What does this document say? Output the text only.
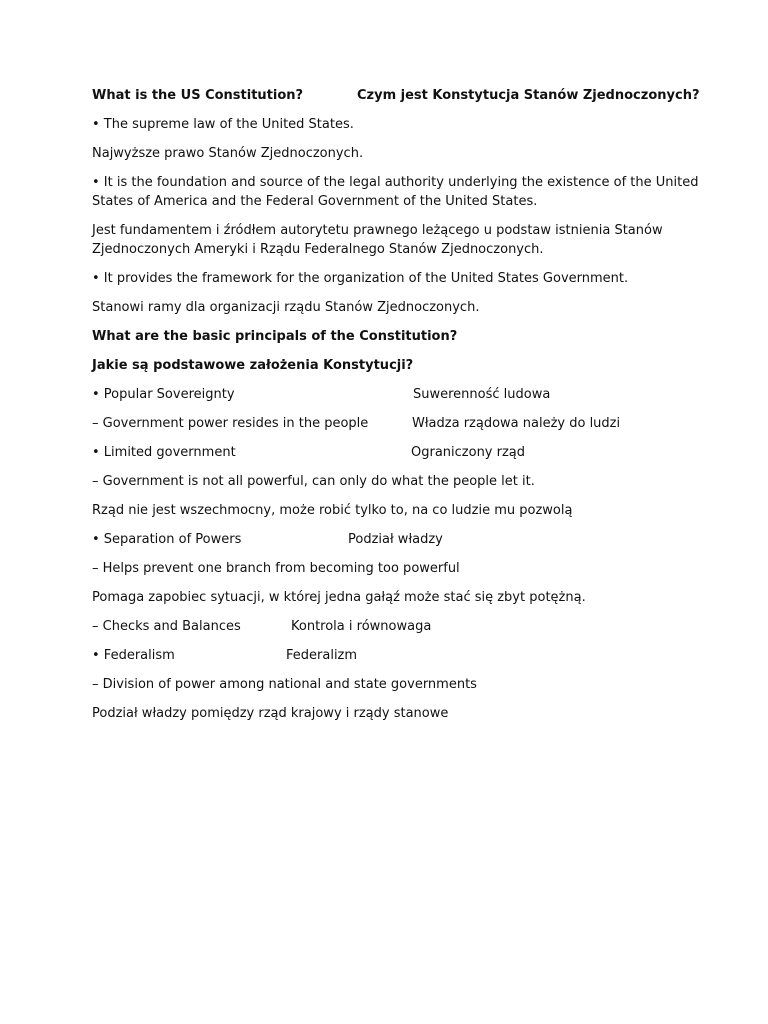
What is the US Constitution?	Czym jest Konstytucja Stanów Zjednoczonych?
• The supreme law of the United States.
Najwyższe prawo Stanów Zjednoczonych.
• It is the foundation and source of the legal authority underlying the existence of the United
States of America and the Federal Government of the United States.
Jest fundamentem i źródłem autorytetu prawnego leżącego u podstaw istnienia Stanów
Zjednoczonych Ameryki i Rządu Federalnego Stanów Zjednoczonych.
• It provides the framework for the organization of the United States Government.
Stanowi ramy dla organizacji rządu Stanów Zjednoczonych.
What are the basic principals of the Constitution?
Jakie są podstawowe założenia Konstytucji?
• Popular Sovereignty	Suwerenność ludowa
– Government power resides in the people	Władza rządowa należy do ludzi
• Limited government	Ograniczony rząd
– Government is not all powerful, can only do what the people let it.
Rząd nie jest wszechmocny, może robić tylko to, na co ludzie mu pozwolą
• Separation of Powers	Podział władzy
– Helps prevent one branch from becoming too powerful
Pomaga zapobiec sytuacji, w której jedna gałąź może stać się zbyt potężną.
– Checks and Balances	Kontrola i równowaga
• Federalism	Federalizm
– Division of power among national and state governments
Podział władzy pomiędzy rząd krajowy i rządy stanowe
